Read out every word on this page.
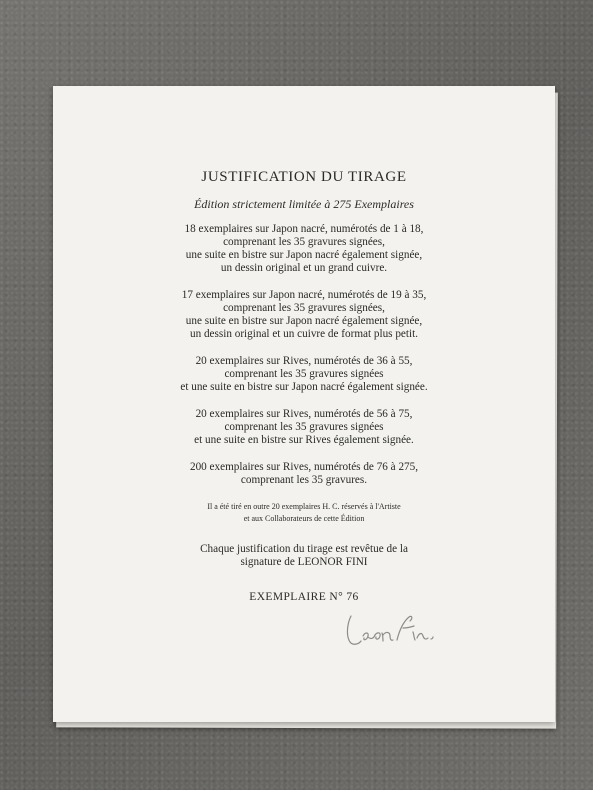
JUSTIFICATION DU TIRAGE
Édition strictement limitée à 275 Exemplaires
18 exemplaires sur Japon nacré, numérotés de 1 à 18,
comprenant les 35 gravures signées,
une suite en bistre sur Japon nacré également signée,
un dessin original et un grand cuivre.
17 exemplaires sur Japon nacré, numérotés de 19 à 35,
comprenant les 35 gravures signées,
une suite en bistre sur Japon nacré également signée,
un dessin original et un cuivre de format plus petit.
20 exemplaires sur Rives, numérotés de 36 à 55,
comprenant les 35 gravures signées
et une suite en bistre sur Japon nacré également signée.
20 exemplaires sur Rives, numérotés de 56 à 75,
comprenant les 35 gravures signées
et une suite en bistre sur Rives également signée.
200 exemplaires sur Rives, numérotés de 76 à 275,
comprenant les 35 gravures.
Il a été tiré en outre 20 exemplaires H. C. réservés à l'Artiste
et aux Collaborateurs de cette Édition
Chaque justification du tirage est revêtue de la
signature de LEONOR FINI
EXEMPLAIRE N° 76
